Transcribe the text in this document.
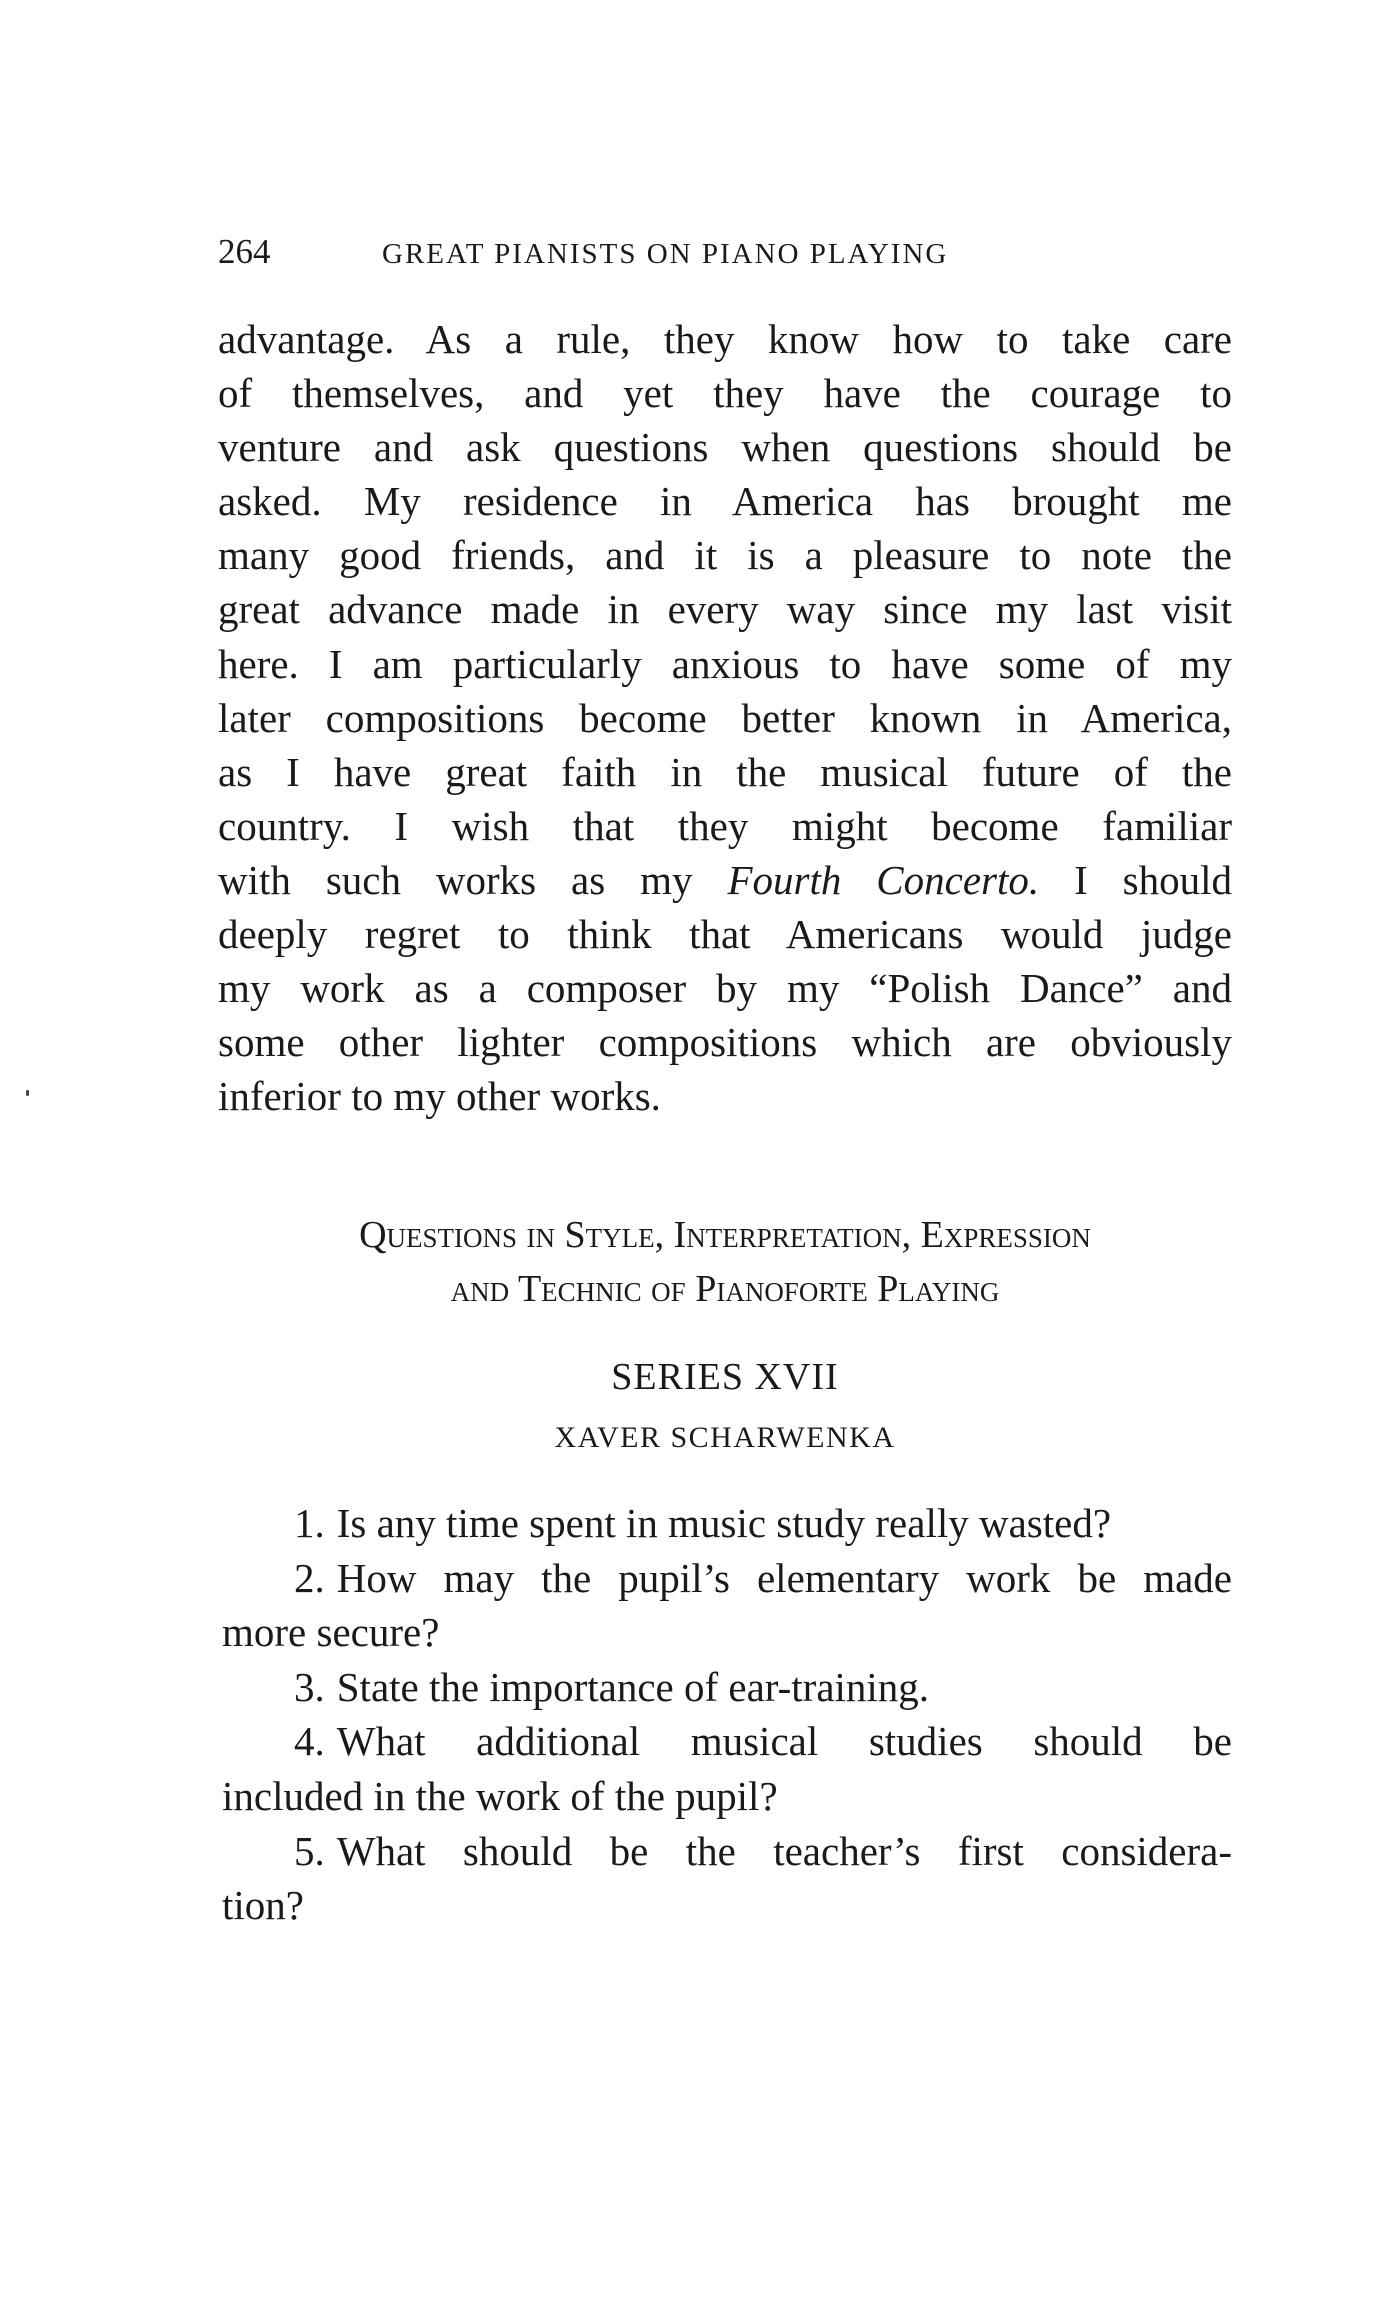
264	GREAT PIANISTS ON PIANO PLAYING
advantage. As a rule, they know how to take care
of themselves, and yet they have the courage to
venture and ask questions when questions should be
asked. My residence in America has brought me
many good friends, and it is a pleasure to note the
great advance made in every way since my last visit
here. I am particularly anxious to have some of my
later compositions become better known in America,
as I have great faith in the musical future of the
country. I wish that they might become familiar
with such works as my Fourth Concerto. I should
deeply regret to think that Americans would judge
my work as a composer by my “Polish Dance” and
some other lighter compositions which are obviously
inferior to my other works.
Questions in Style, Interpretation, Expression
and Technic of Pianoforte Playing
SERIES XVII
XAVER SCHARWENKA
1. Is any time spent in music study really wasted?
2. How may the pupil’s elementary work be made
more secure?
3. State the importance of ear-training.
4. What additional musical studies should be
included in the work of the pupil?
5. What should be the teacher’s first considera-
tion?
